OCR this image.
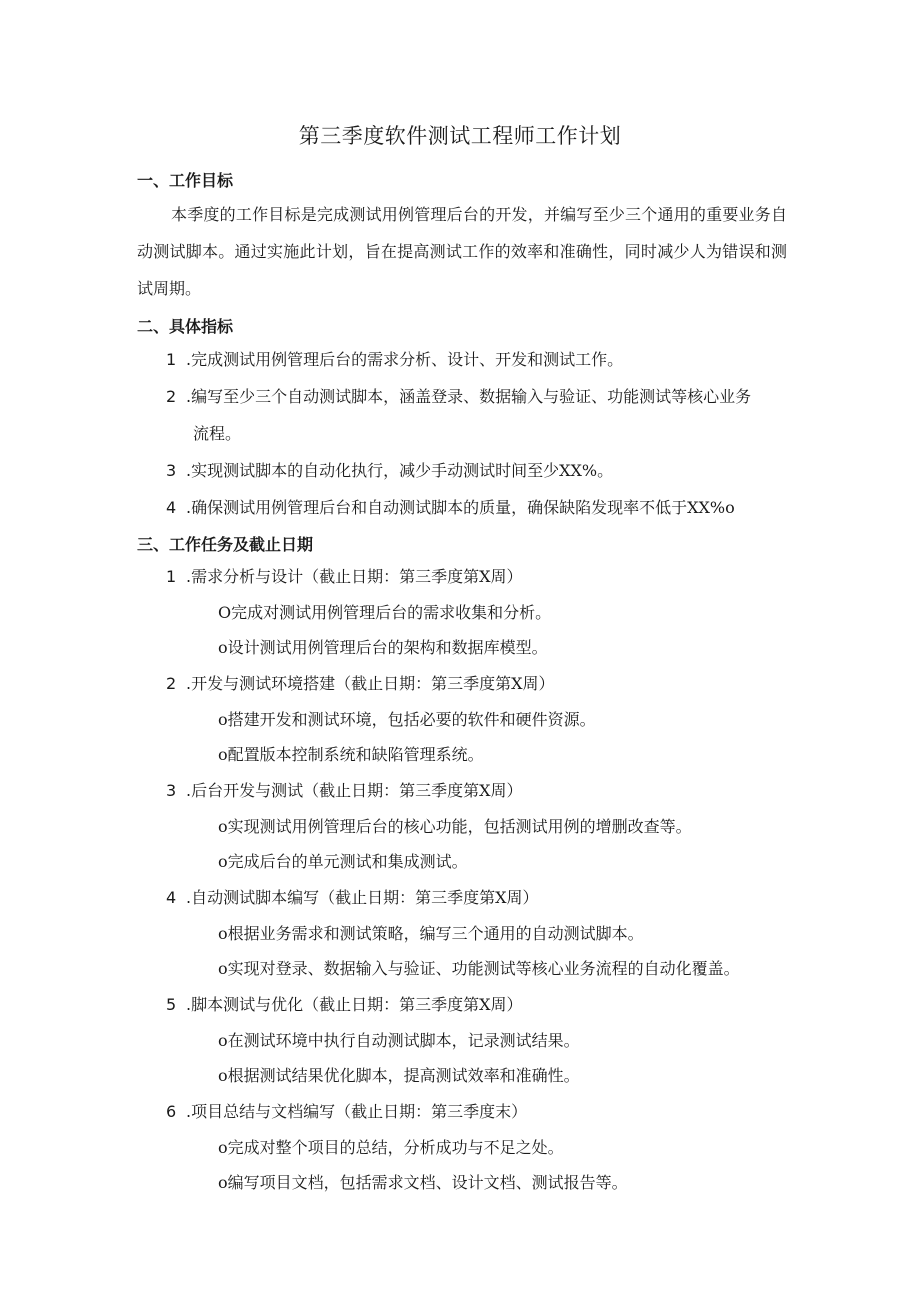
第三季度软件测试工程师工作计划
一、工作目标
本季度的工作目标是完成测试用例管理后台的开发，并编写至少三个通用的重要业务自动测试脚本。通过实施此计划，旨在提高测试工作的效率和准确性，同时减少人为错误和测试周期。
二、具体指标
1 .完成测试用例管理后台的需求分析、设计、开发和测试工作。
2 .编写至少三个自动测试脚本，涵盖登录、数据输入与验证、功能测试等核心业务
流程。
3 .实现测试脚本的自动化执行，减少手动测试时间至少XX%。
4 .确保测试用例管理后台和自动测试脚本的质量，确保缺陷发现率不低于XX%o
三、工作任务及截止日期
1 .需求分析与设计（截止日期：第三季度第X周）
O完成对测试用例管理后台的需求收集和分析。
o设计测试用例管理后台的架构和数据库模型。
2 .开发与测试环境搭建（截止日期：第三季度第X周）
o搭建开发和测试环境，包括必要的软件和硬件资源。
o配置版本控制系统和缺陷管理系统。
3 .后台开发与测试（截止日期：第三季度第X周）
o实现测试用例管理后台的核心功能，包括测试用例的增删改查等。
o完成后台的单元测试和集成测试。
4 .自动测试脚本编写（截止日期：第三季度第X周）
o根据业务需求和测试策略，编写三个通用的自动测试脚本。
o实现对登录、数据输入与验证、功能测试等核心业务流程的自动化覆盖。
5 .脚本测试与优化（截止日期：第三季度第X周）
o在测试环境中执行自动测试脚本，记录测试结果。
o根据测试结果优化脚本，提高测试效率和准确性。
6 .项目总结与文档编写（截止日期：第三季度末）
o完成对整个项目的总结，分析成功与不足之处。
o编写项目文档，包括需求文档、设计文档、测试报告等。
